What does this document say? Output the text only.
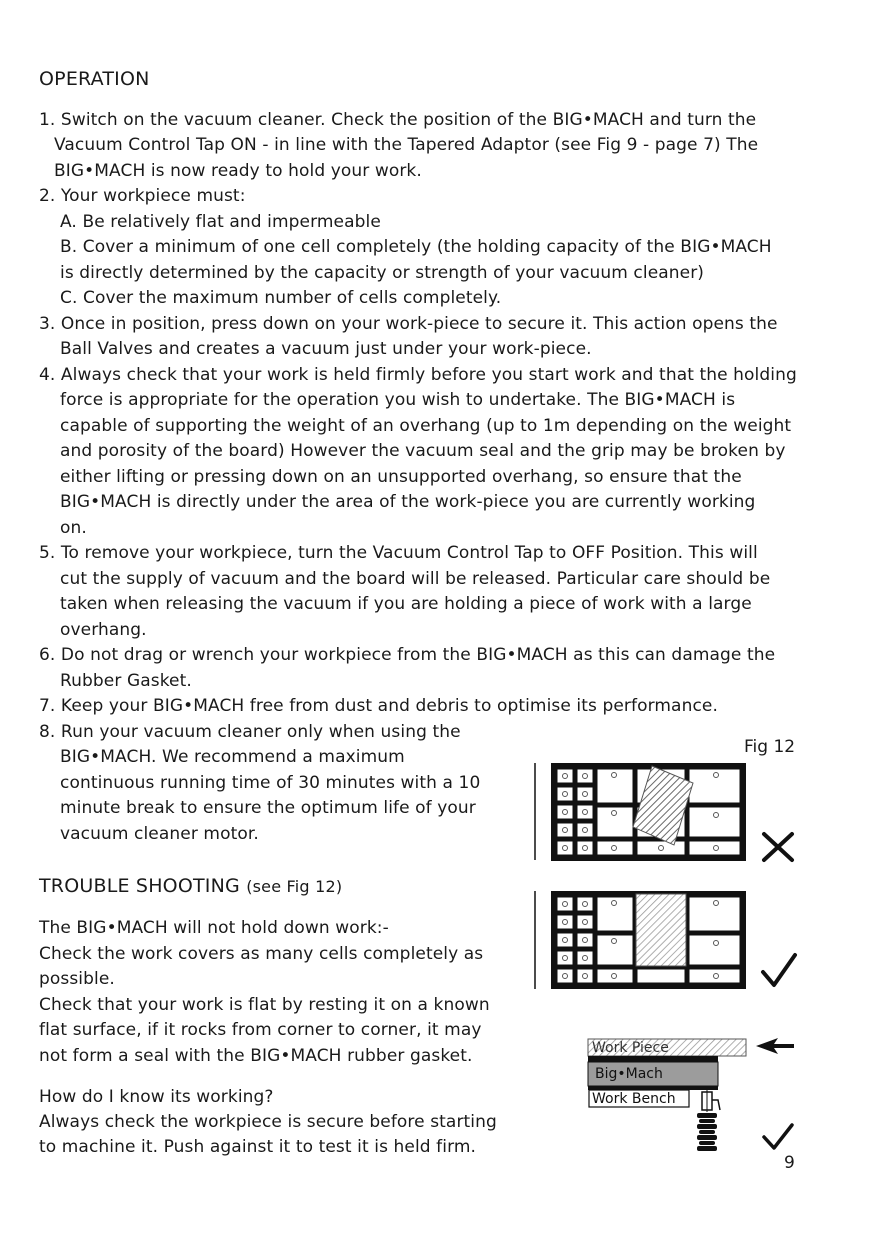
OPERATION
1. Switch on the vacuum cleaner. Check the position of the BIG•MACH and turn the
Vacuum Control Tap ON - in line with the Tapered Adaptor (see Fig 9 - page 7) The
BIG•MACH is now ready to hold your work.
2. Your workpiece must:
A. Be relatively flat and impermeable
B. Cover a minimum of one cell completely (the holding capacity of the BIG•MACH
is directly determined by the capacity or strength of your vacuum cleaner)
C. Cover the maximum number of cells completely.
3. Once in position, press down on your work-piece to secure it. This action opens the
Ball Valves and creates a vacuum just under your work-piece.
4. Always check that your work is held firmly before you start work and that the holding
force is appropriate for the operation you wish to undertake. The BIG•MACH is
capable of supporting the weight of an overhang (up to 1m depending on the weight
and porosity of the board) However the vacuum seal and the grip may be broken by
either lifting or pressing down on an unsupported overhang, so ensure that the
BIG•MACH is directly under the area of the work-piece you are currently working
on.
5. To remove your workpiece, turn the Vacuum Control Tap to OFF Position. This will
cut the supply of vacuum and the board will be released. Particular care should be
taken when releasing the vacuum if you are holding a piece of work with a large
overhang.
6. Do not drag or wrench your workpiece from the BIG•MACH as this can damage the
Rubber Gasket.
7. Keep your BIG•MACH free from dust and debris to optimise its performance.
8. Run your vacuum cleaner only when using the
BIG•MACH. We recommend a maximum
continuous running time of 30 minutes with a 10
minute break to ensure the optimum life of your
vacuum cleaner motor.
TROUBLE SHOOTING (see Fig 12)
The BIG•MACH will not hold down work:-
Check the work covers as many cells completely as
possible.
Check that your work is flat by resting it on a known
flat surface, if it rocks from corner to corner, it may
not form a seal with the BIG•MACH rubber gasket.
How do I know its working?
Always check the workpiece is secure before starting
to machine it. Push against it to test it is held firm.
Fig 12
Work Piece
Big•Mach
Work Bench
9
